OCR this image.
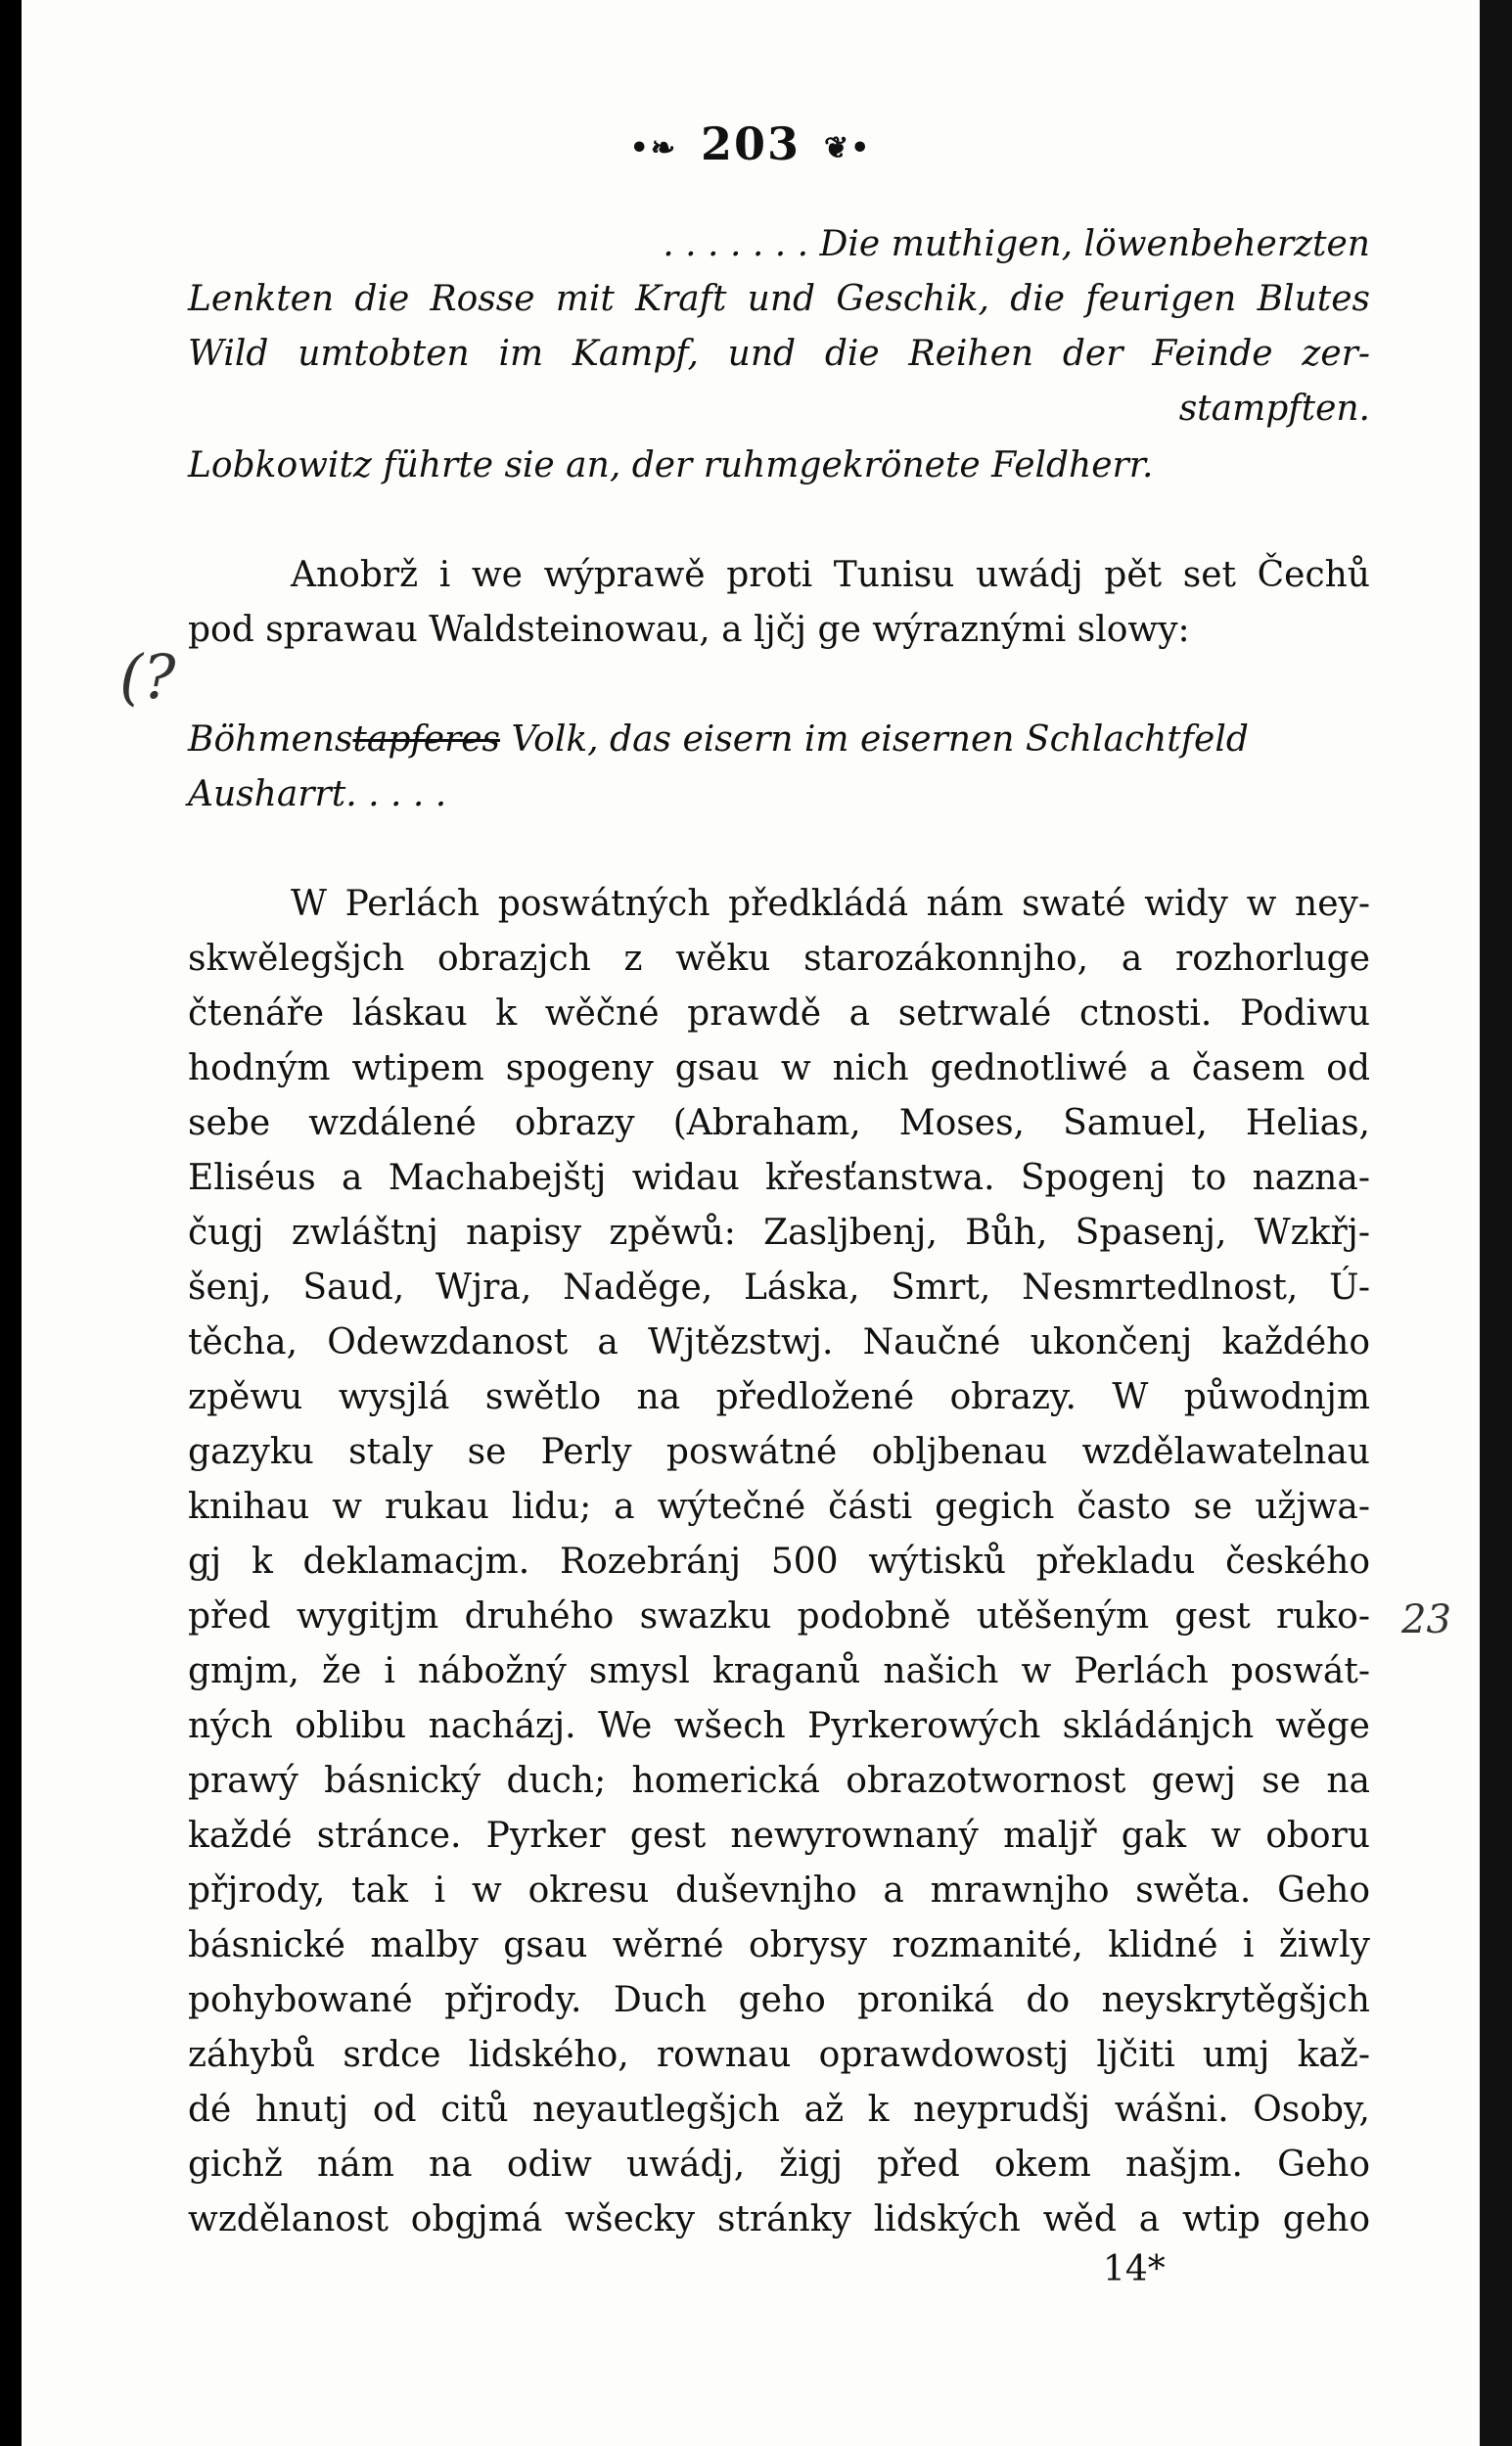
•❧ 203 ❦•
. . . . . . . Die muthigen, löwenbeherzten
Lenkten die Rosse mit Kraft und Geschik, die feurigen Blutes
Wild umtobten im Kampf, und die Reihen der Feinde zer-
stampften.
Lobkowitz führte sie an, der ruhmgekrönete Feldherr.
Anobrž i we wýprawě proti Tunisu uwádj pět set Čechů
pod sprawau Waldsteinowau, a ljčj ge wýraznými slowy:
Böhmenstapferes Volk, das eisern im eisernen Schlachtfeld
Ausharrt. . . . .
W Perlách poswátných předkládá nám swaté widy w ney-
skwělegšjch obrazjch z wěku starozákonnjho, a rozhorluge
čtenáře láskau k wěčné prawdě a setrwalé ctnosti. Podiwu
hodným wtipem spogeny gsau w nich gednotliwé a časem od
sebe wzdálené obrazy (Abraham, Moses, Samuel, Helias,
Eliséus a Machabejštj widau křesťanstwa. Spogenj to nazna-
čugj zwláštnj napisy zpěwů: Zasljbenj, Bůh, Spasenj, Wzkřj-
šenj, Saud, Wjra, Naděge, Láska, Smrt, Nesmrtedlnost, Ú-
těcha, Odewzdanost a Wjtězstwj. Naučné ukončenj každého
zpěwu wysjlá swětlo na předložené obrazy. W půwodnjm
gazyku staly se Perly poswátné obljbenau wzdělawatelnau
knihau w rukau lidu; a wýtečné části gegich často se užjwa-
gj k deklamacjm. Rozebránj 500 wýtisků překladu českého
před wygitjm druhého swazku podobně utěšeným gest ruko-
gmjm, že i nábožný smysl kraganů našich w Perlách poswát-
ných oblibu nacházj. We wšech Pyrkerowých skládánjch wěge
prawý básnický duch; homerická obrazotwornost gewj se na
každé stránce. Pyrker gest newyrownaný maljř gak w oboru
přjrody, tak i w okresu duševnjho a mrawnjho swěta. Geho
básnické malby gsau wěrné obrysy rozmanité, klidné i žiwly
pohybowané přjrody. Duch geho proniká do neyskrytěgšjch
záhybů srdce lidského, rownau oprawdowostj ljčiti umj kaž-
dé hnutj od citů neyautlegšjch až k neyprudšj wášni. Osoby,
gichž nám na odiw uwádj, žigj před okem našjm. Geho
wzdělanost obgjmá wšecky stránky lidských wěd a wtip geho
14*
(?
23
